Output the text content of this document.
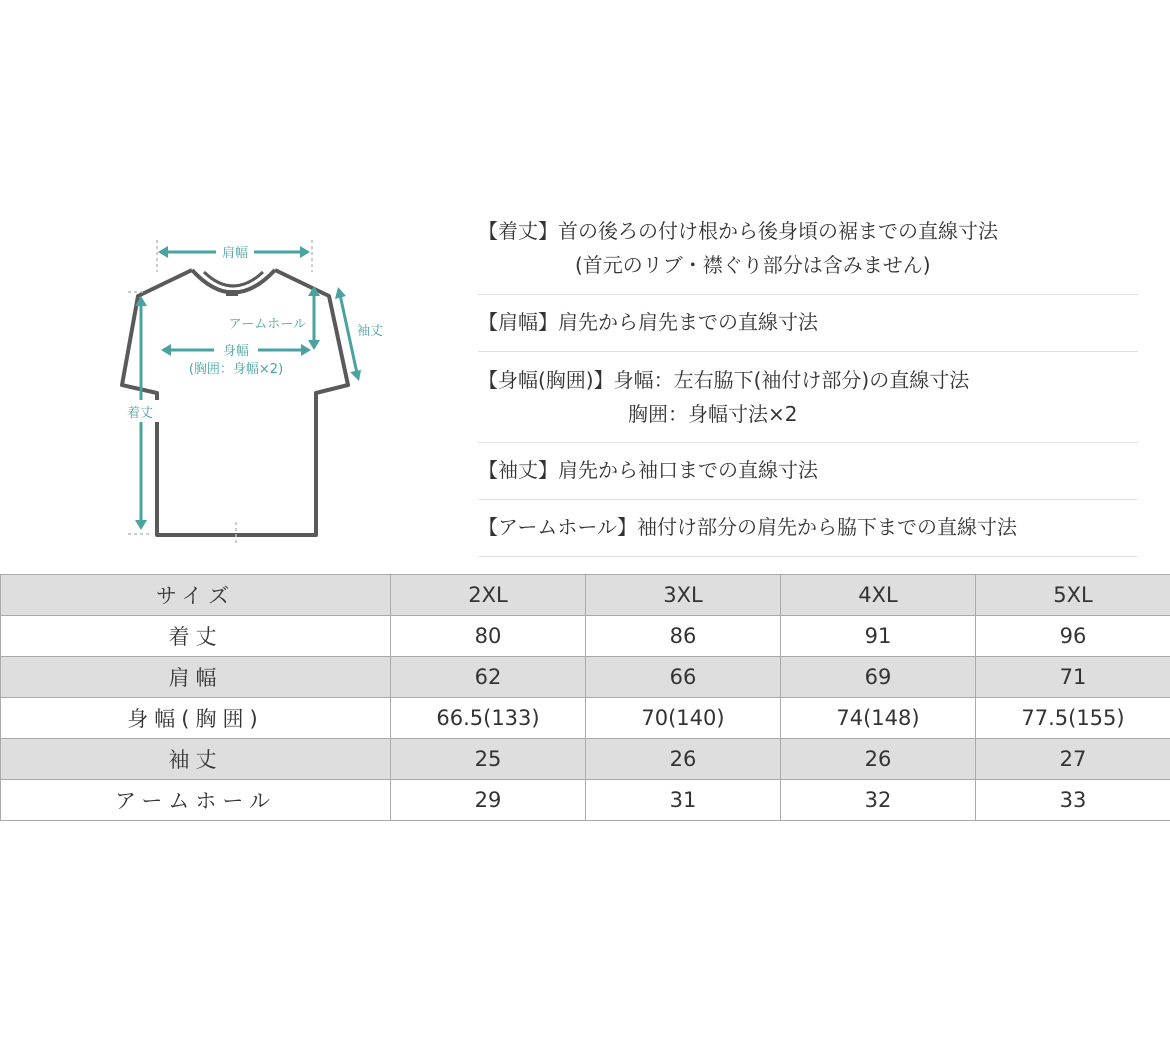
肩幅
アームホール	袖丈
身幅
(胸囲：身幅×2)
着丈
【着丈】首の後ろの付け根から後身頃の裾までの直線寸法
(首元のリブ・襟ぐり部分は含みません)
【肩幅】肩先から肩先までの直線寸法
【身幅(胸囲)】身幅：左右脇下(袖付け部分)の直線寸法
胸囲：身幅寸法×2
【袖丈】肩先から袖口までの直線寸法
【アームホール】袖付け部分の肩先から脇下までの直線寸法
サイズ	2XL	3XL	4XL	5XL
着丈	80	86	91	96
肩幅	62	66	69	71
身幅(胸囲)	66.5(133)	70(140)	74(148)	77.5(155)
袖丈	25	26	26	27
アームホール	29	31	32	33
